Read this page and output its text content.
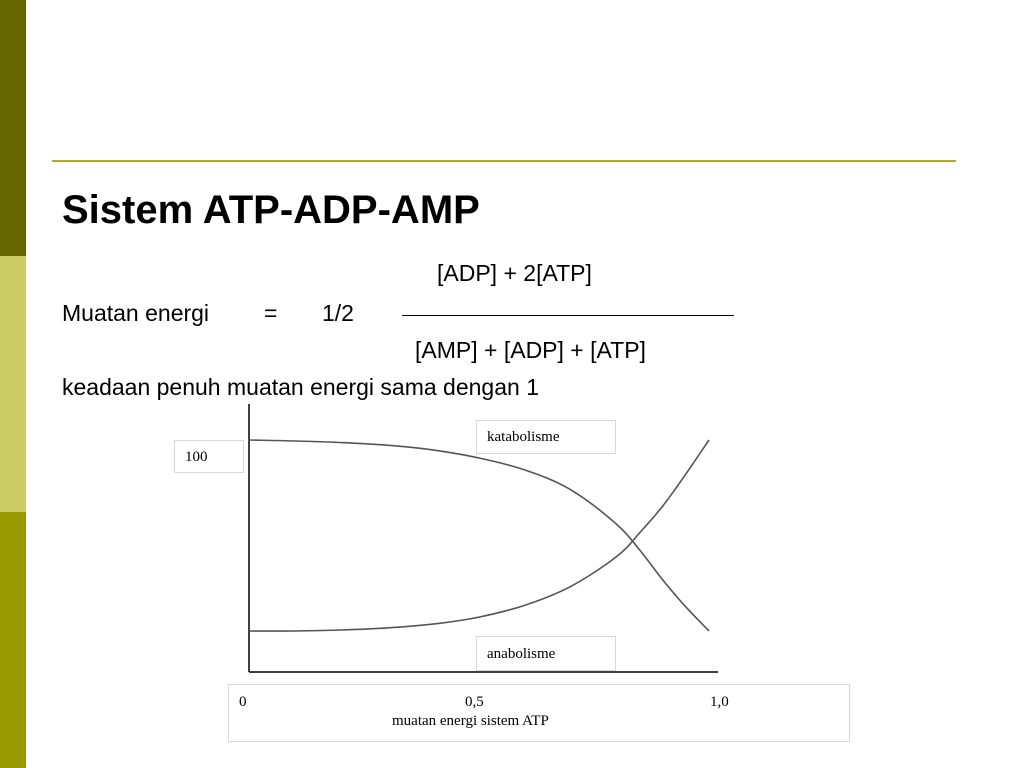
Sistem ATP-ADP-AMP
[ADP] + 2[ATP]
Muatan energi = 1/2
[AMP] + [ADP] + [ATP]
keadaan penuh muatan energi sama dengan 1
100
katabolisme
anabolisme
0	0,5	1,0
muatan energi sistem ATP
